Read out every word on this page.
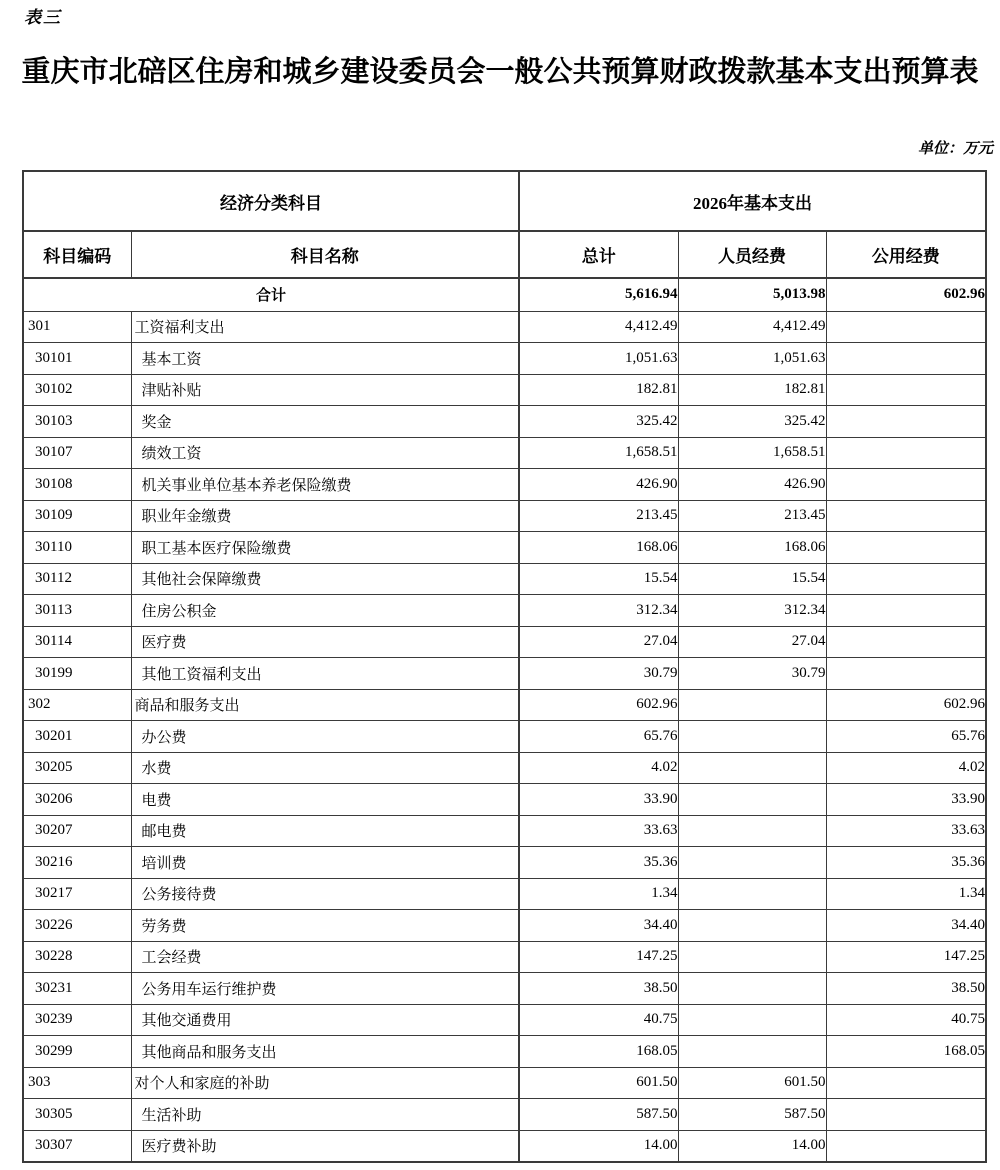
表三
重庆市北碚区住房和城乡建设委员会一般公共预算财政拨款基本支出预算表
单位：万元
经济分类科目		2026年基本支出		
科目编码	科目名称	总计	人员经费	公用经费
合计		5,616.94	5,013.98	602.96
301	工资福利支出	4,412.49	4,412.49	
30101	基本工资	1,051.63	1,051.63	
30102	津贴补贴	182.81	182.81	
30103	奖金	325.42	325.42	
30107	绩效工资	1,658.51	1,658.51	
30108	机关事业单位基本养老保险缴费	426.90	426.90	
30109	职业年金缴费	213.45	213.45	
30110	职工基本医疗保险缴费	168.06	168.06	
30112	其他社会保障缴费	15.54	15.54	
30113	住房公积金	312.34	312.34	
30114	医疗费	27.04	27.04	
30199	其他工资福利支出	30.79	30.79	
302	商品和服务支出	602.96		602.96
30201	办公费	65.76		65.76
30205	水费	4.02		4.02
30206	电费	33.90		33.90
30207	邮电费	33.63		33.63
30216	培训费	35.36		35.36
30217	公务接待费	1.34		1.34
30226	劳务费	34.40		34.40
30228	工会经费	147.25		147.25
30231	公务用车运行维护费	38.50		38.50
30239	其他交通费用	40.75		40.75
30299	其他商品和服务支出	168.05		168.05
303	对个人和家庭的补助	601.50	601.50	
30305	生活补助	587.50	587.50	
30307	医疗费补助	14.00	14.00	
